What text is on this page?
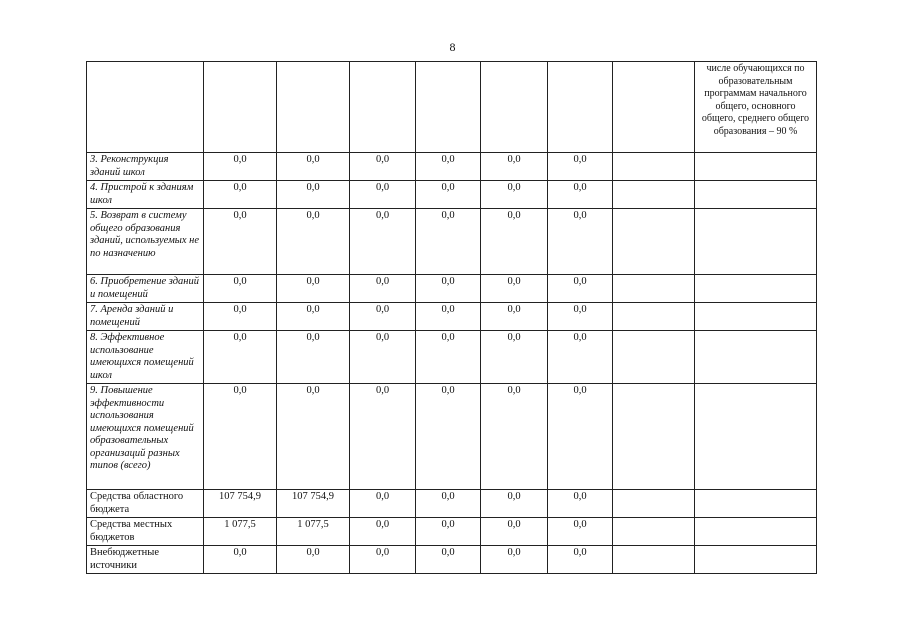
8
								числе обучающихся по образовательным программам начального общего, основного общего, среднего общего образования – 90 %
3. Реконструкция зданий школ	0,0	0,0	0,0	0,0	0,0	0,0		
4. Пристрой к зданиям школ	0,0	0,0	0,0	0,0	0,0	0,0		
5. Возврат в систему общего образования зданий, используемых не по назначению	0,0	0,0	0,0	0,0	0,0	0,0		
6. Приобретение зданий и помещений	0,0	0,0	0,0	0,0	0,0	0,0		
7. Аренда зданий и помещений	0,0	0,0	0,0	0,0	0,0	0,0		
8. Эффективное использование имеющихся помещений школ	0,0	0,0	0,0	0,0	0,0	0,0		
9. Повышение эффективности использования имеющихся помещений образовательных организаций разных типов (всего)	0,0	0,0	0,0	0,0	0,0	0,0		
Средства областного бюджета	107 754,9	107 754,9	0,0	0,0	0,0	0,0		
Средства местных бюджетов	1 077,5	1 077,5	0,0	0,0	0,0	0,0		
Внебюджетные источники	0,0	0,0	0,0	0,0	0,0	0,0		
